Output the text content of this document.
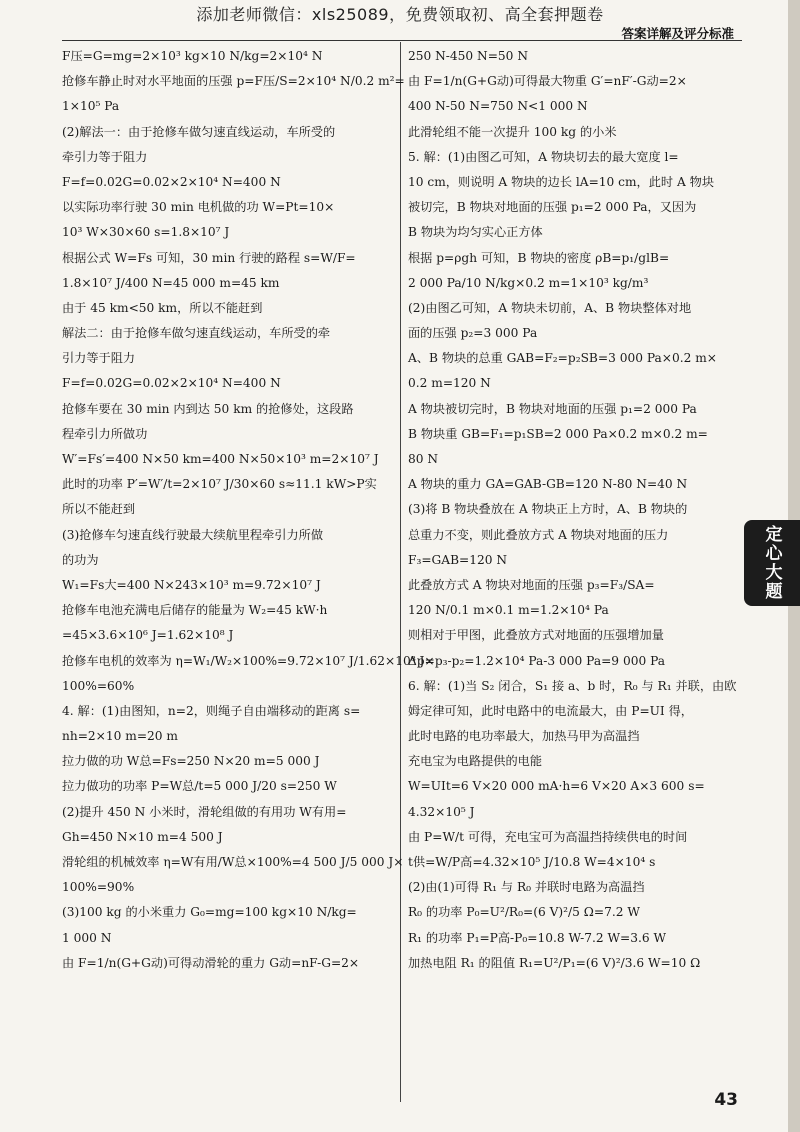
添加老师微信：xls25089，免费领取初、高全套押题卷
答案详解及评分标准
F压=G=mg=2×10³ kg×10 N/kg=2×10⁴ N
抢修车静止时对水平地面的压强 p=F压/S=2×10⁴ N/0.2 m²=
1×10⁵ Pa
(2)解法一：由于抢修车做匀速直线运动，车所受的
牵引力等于阻力
F=f=0.02G=0.02×2×10⁴ N=400 N
以实际功率行驶 30 min 电机做的功 W=Pt=10×
10³ W×30×60 s=1.8×10⁷ J
根据公式 W=Fs 可知，30 min 行驶的路程 s=W/F=
1.8×10⁷ J/400 N=45 000 m=45 km
由于 45 km<50 km，所以不能赶到
解法二：由于抢修车做匀速直线运动，车所受的牵
引力等于阻力
F=f=0.02G=0.02×2×10⁴ N=400 N
抢修车要在 30 min 内到达 50 km 的抢修处，这段路
程牵引力所做功
W′=Fs′=400 N×50 km=400 N×50×10³ m=2×10⁷ J
此时的功率 P′=W′/t=2×10⁷ J/30×60 s≈11.1 kW>P实
所以不能赶到
(3)抢修车匀速直线行驶最大续航里程牵引力所做
的功为
W₁=Fs大=400 N×243×10³ m=9.72×10⁷ J
抢修车电池充满电后储存的能量为 W₂=45 kW·h
=45×3.6×10⁶ J=1.62×10⁸ J
抢修车电机的效率为 η=W₁/W₂×100%=9.72×10⁷ J/1.62×10⁸ J×
100%=60%
4. 解：(1)由图知，n=2，则绳子自由端移动的距离 s=
nh=2×10 m=20 m
拉力做的功 W总=Fs=250 N×20 m=5 000 J
拉力做功的功率 P=W总/t=5 000 J/20 s=250 W
(2)提升 450 N 小米时，滑轮组做的有用功 W有用=
Gh=450 N×10 m=4 500 J
滑轮组的机械效率 η=W有用/W总×100%=4 500 J/5 000 J×
100%=90%
(3)100 kg 的小米重力 G₀=mg=100 kg×10 N/kg=
1 000 N
由 F=1/n(G+G动)可得动滑轮的重力 G动=nF-G=2×
250 N-450 N=50 N
由 F=1/n(G+G动)可得最大物重 G′=nF′-G动=2×
400 N-50 N=750 N<1 000 N
此滑轮组不能一次提升 100 kg 的小米
5. 解：(1)由图乙可知，A 物块切去的最大宽度 l=
10 cm，则说明 A 物块的边长 lA=10 cm，此时 A 物块
被切完，B 物块对地面的压强 p₁=2 000 Pa，又因为
B 物块为均匀实心正方体
根据 p=ρgh 可知，B 物块的密度 ρB=p₁/glB=
2 000 Pa/10 N/kg×0.2 m=1×10³ kg/m³
(2)由图乙可知，A 物块未切前，A、B 物块整体对地
面的压强 p₂=3 000 Pa
A、B 物块的总重 GAB=F₂=p₂SB=3 000 Pa×0.2 m×
0.2 m=120 N
A 物块被切完时，B 物块对地面的压强 p₁=2 000 Pa
B 物块重 GB=F₁=p₁SB=2 000 Pa×0.2 m×0.2 m=
80 N
A 物块的重力 GA=GAB-GB=120 N-80 N=40 N
(3)将 B 物块叠放在 A 物块正上方时，A、B 物块的
总重力不变，则此叠放方式 A 物块对地面的压力
F₃=GAB=120 N
此叠放方式 A 物块对地面的压强 p₃=F₃/SA=
120 N/0.1 m×0.1 m=1.2×10⁴ Pa
则相对于甲图，此叠放方式对地面的压强增加量
Δp=p₃-p₂=1.2×10⁴ Pa-3 000 Pa=9 000 Pa
6. 解：(1)当 S₂ 闭合，S₁ 接 a、b 时，R₀ 与 R₁ 并联，由欧
姆定律可知，此时电路中的电流最大，由 P=UI 得，
此时电路的电功率最大，加热马甲为高温挡
充电宝为电路提供的电能
W=UIt=6 V×20 000 mA·h=6 V×20 A×3 600 s=
4.32×10⁵ J
由 P=W/t 可得，充电宝可为高温挡持续供电的时间
t供=W/P高=4.32×10⁵ J/10.8 W=4×10⁴ s
(2)由(1)可得 R₁ 与 R₀ 并联时电路为高温挡
R₀ 的功率 P₀=U²/R₀=(6 V)²/5 Ω=7.2 W
R₁ 的功率 P₁=P高-P₀=10.8 W-7.2 W=3.6 W
加热电阻 R₁ 的阻值 R₁=U²/P₁=(6 V)²/3.6 W=10 Ω
定心大题
43
